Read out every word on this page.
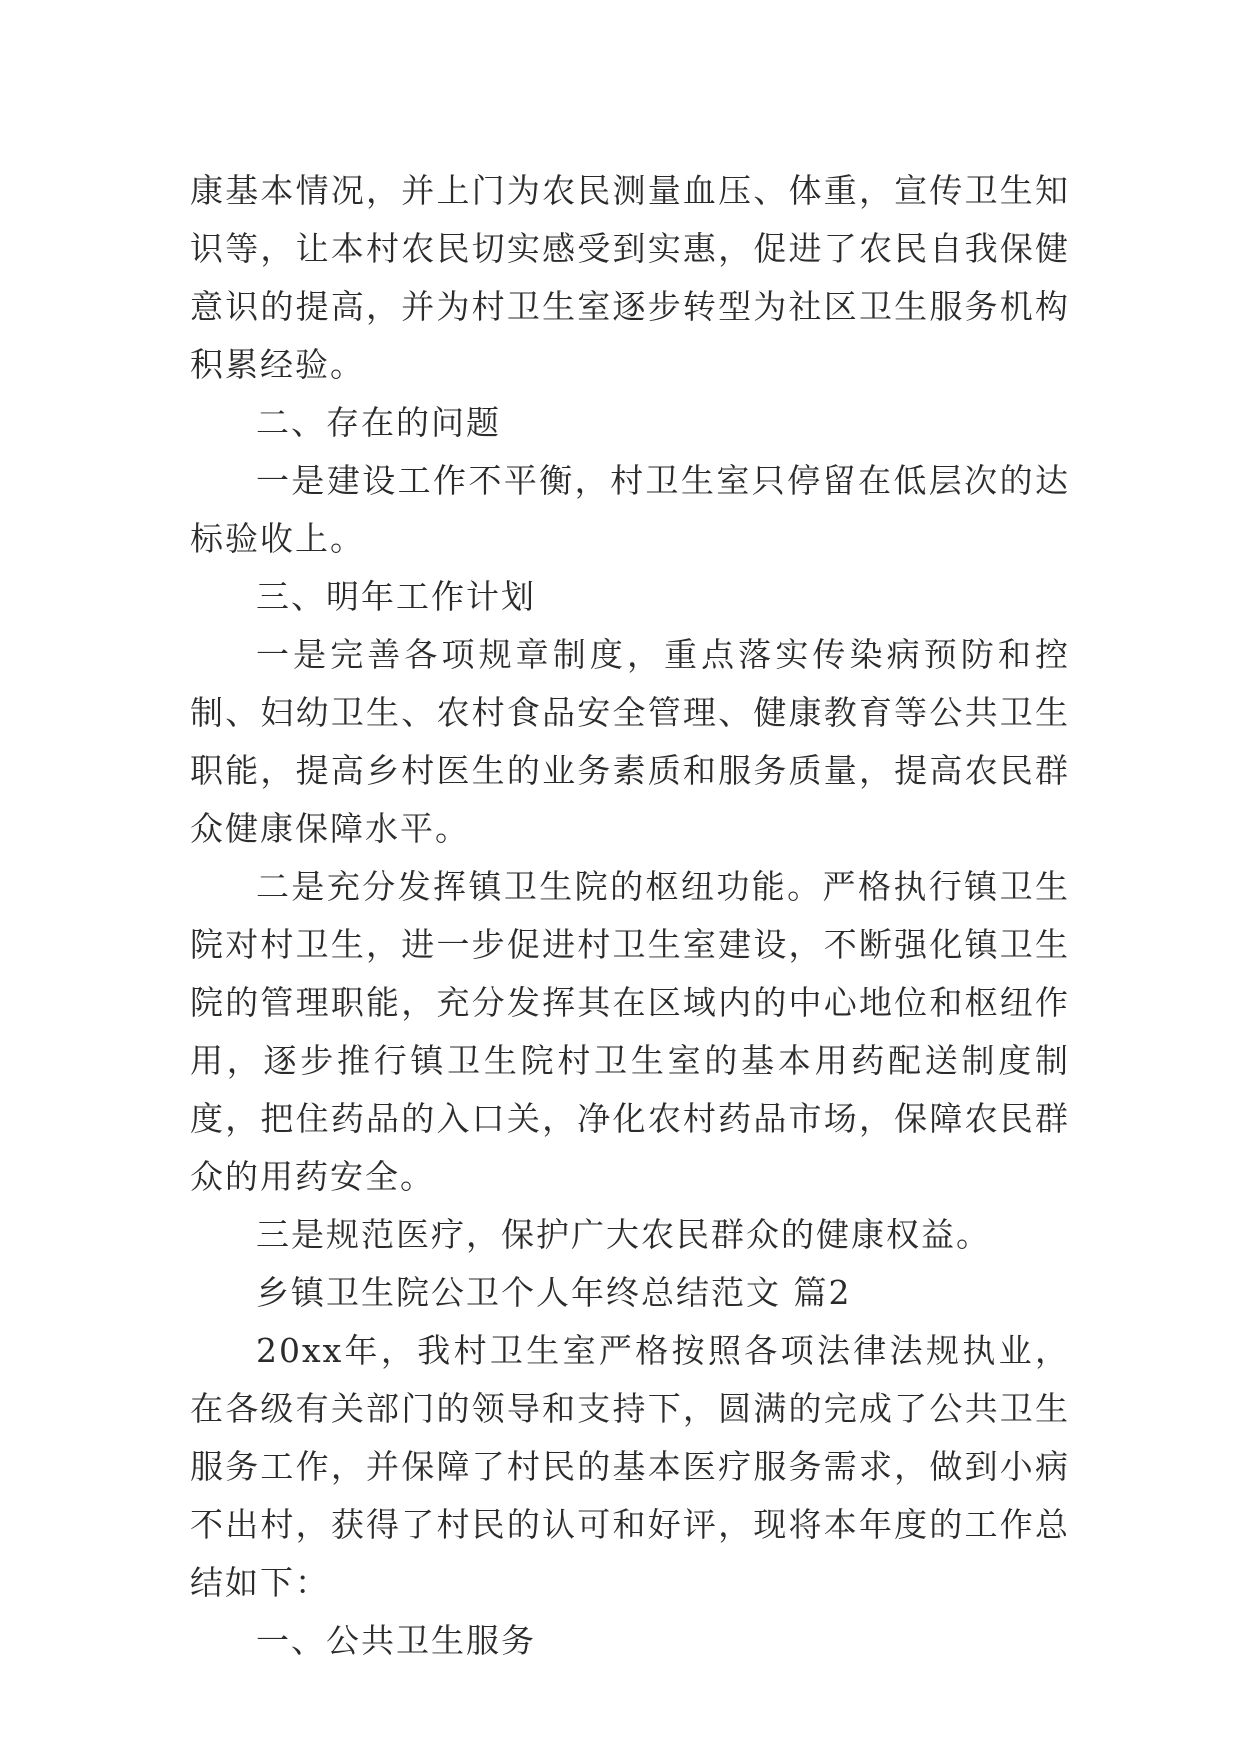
康基本情况，并上门为农民测量血压、体重，宣传卫生知识等，让本村农民切实感受到实惠，促进了农民自我保健意识的提高，并为村卫生室逐步转型为社区卫生服务机构积累经验。

二、存在的问题

一是建设工作不平衡，村卫生室只停留在低层次的达标验收上。

三、明年工作计划

一是完善各项规章制度，重点落实传染病预防和控制、妇幼卫生、农村食品安全管理、健康教育等公共卫生职能，提高乡村医生的业务素质和服务质量，提高农民群众健康保障水平。

二是充分发挥镇卫生院的枢纽功能。严格执行镇卫生院对村卫生，进一步促进村卫生室建设，不断强化镇卫生院的管理职能，充分发挥其在区域内的中心地位和枢纽作用，逐步推行镇卫生院村卫生室的基本用药配送制度制度，把住药品的入口关，净化农村药品市场，保障农民群众的用药安全。

三是规范医疗，保护广大农民群众的健康权益。

乡镇卫生院公卫个人年终总结范文 篇2

20xx年，我村卫生室严格按照各项法律法规执业，在各级有关部门的领导和支持下，圆满的完成了公共卫生服务工作，并保障了村民的基本医疗服务需求，做到小病不出村，获得了村民的认可和好评，现将本年度的工作总结如下：

一、公共卫生服务
